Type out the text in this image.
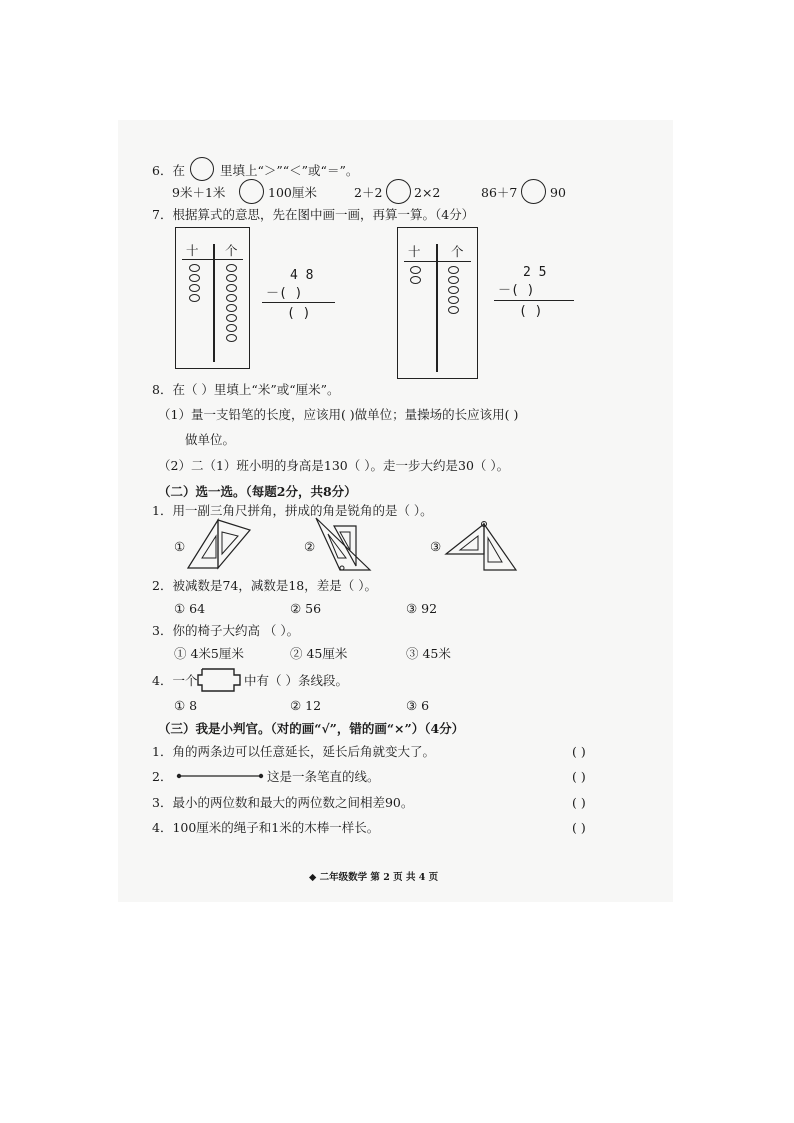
6．在	里填上“＞”“＜”或“＝”。
9米＋1米	100厘米	2＋2	2×2	86＋7	90
7．根据算式的意思，先在图中画一画，再算一算。（4分）
十 个
4 8
－( )
( )
十 个
2 5
－( )
( )
8．在（ ）里填上“米”或“厘米”。
（1）量一支铅笔的长度，应该用( )做单位；量操场的长应该用( )
做单位。
（2）二（1）班小明的身高是130（ ）。走一步大约是30（ ）。
（二）选一选。（每题2分，共8分）
1．用一副三角尺拼角，拼成的角是锐角的是（ ）。
①	②	③
2．被减数是74，减数是18，差是（ ）。
① 64	② 56	③ 92
3．你的椅子大约高 （ ）。
① 4米5厘米	② 45厘米	③ 45米
4．一个	中有（ ）条线段。
① 8	② 12	③ 6
（三）我是小判官。（对的画“√”，错的画“×”）（4分）
1．角的两条边可以任意延长，延长后角就变大了。	( )
2．	这是一条笔直的线。	( )
3．最小的两位数和最大的两位数之间相差90。	( )
4．100厘米的绳子和1米的木棒一样长。	( )
◆ 二年级数学 第 2 页 共 4 页
